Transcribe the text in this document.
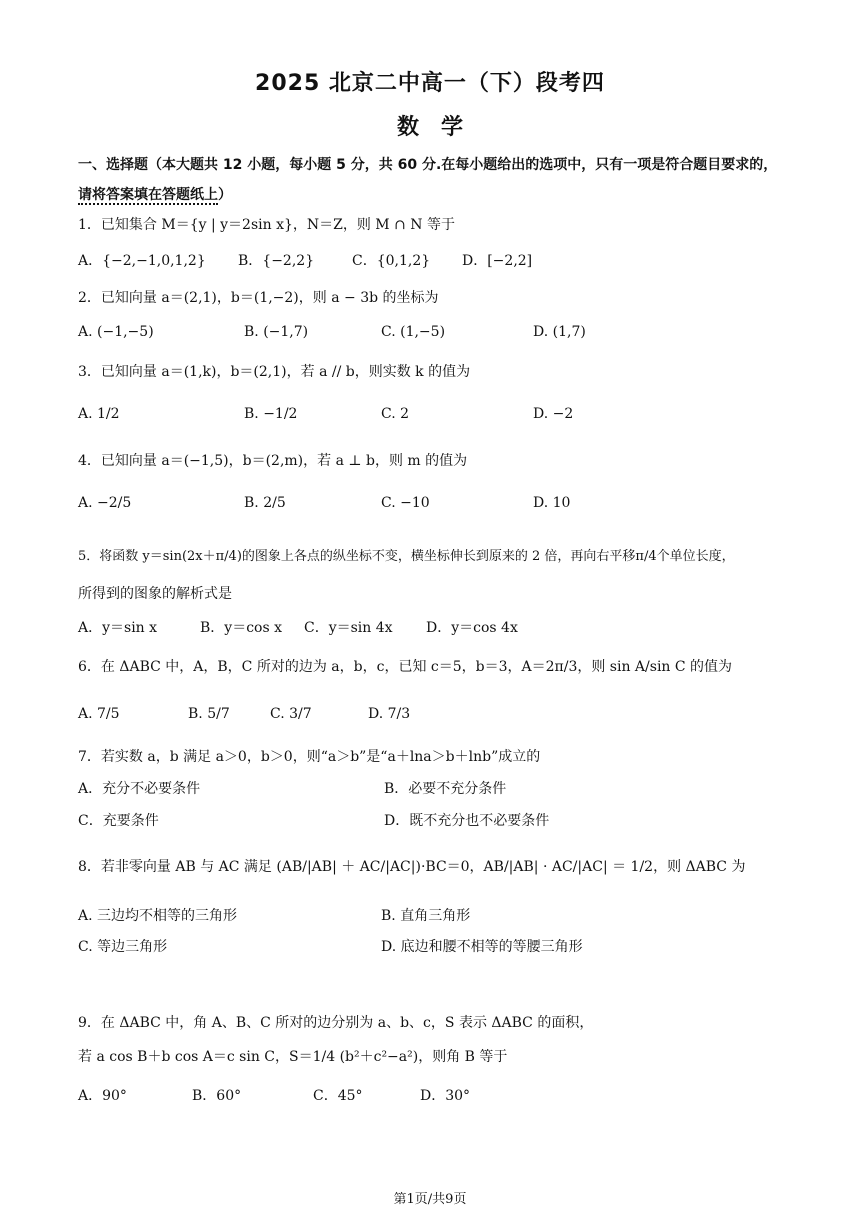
2025 北京二中高一（下）段考四
数　学
一、选择题（本大题共 12 小题，每小题 5 分，共 60 分.在每小题给出的选项中，只有一项是符合题目要求的，请将答案填在答题纸上）
1．已知集合 M＝{y | y＝2sin x}，N＝Z，则 M ∩ N 等于
A．{−2,−1,0,1,2} B．{−2,2}	C．{0,1,2} D．[−2,2]
2．已知向量 a＝(2,1)，b＝(1,−2)，则 a − 3b 的坐标为
A. (−1,−5)	B. (−1,7)	C. (1,−5)	D. (1,7)
3．已知向量 a＝(1,k)，b＝(2,1)，若 a // b，则实数 k 的值为
A. 1/2	B. −1/2	C. 2	D. −2
4．已知向量 a＝(−1,5)，b＝(2,m)，若 a ⊥ b，则 m 的值为
A. −2/5	B. 2/5	C. −10	D. 10
5．将函数 y＝sin(2x＋π/4)的图象上各点的纵坐标不变，横坐标伸长到原来的 2 倍，再向右平移π/4个单位长度，
所得到的图象的解析式是
A．y＝sin x	B．y＝cos x C．y＝sin 4x D．y＝cos 4x
6．在 ΔABC 中，A，B，C 所对的边为 a，b，c，已知 c＝5，b＝3，A＝2π/3，则 sin A/sin C 的值为
A. 7/5	B. 5/7	C. 3/7	D. 7/3
7．若实数 a，b 满足 a＞0，b＞0，则“a＞b”是“a＋lna＞b＋lnb”成立的
A．充分不必要条件	B．必要不充分条件
C．充要条件	D．既不充分也不必要条件
8．若非零向量 AB 与 AC 满足 (AB/|AB| ＋ AC/|AC|)·BC＝0，AB/|AB| · AC/|AC| ＝ 1/2，则 ΔABC 为
A. 三边均不相等的三角形	B. 直角三角形
C. 等边三角形	D. 底边和腰不相等的等腰三角形
9．在 ΔABC 中，角 A、B、C 所对的边分别为 a、b、c，S 表示 ΔABC 的面积，
若 a cos B＋b cos A＝c sin C，S＝1/4 (b²＋c²−a²)，则角 B 等于
A．90°	B．60°	C．45°	D．30°
第1页/共9页
